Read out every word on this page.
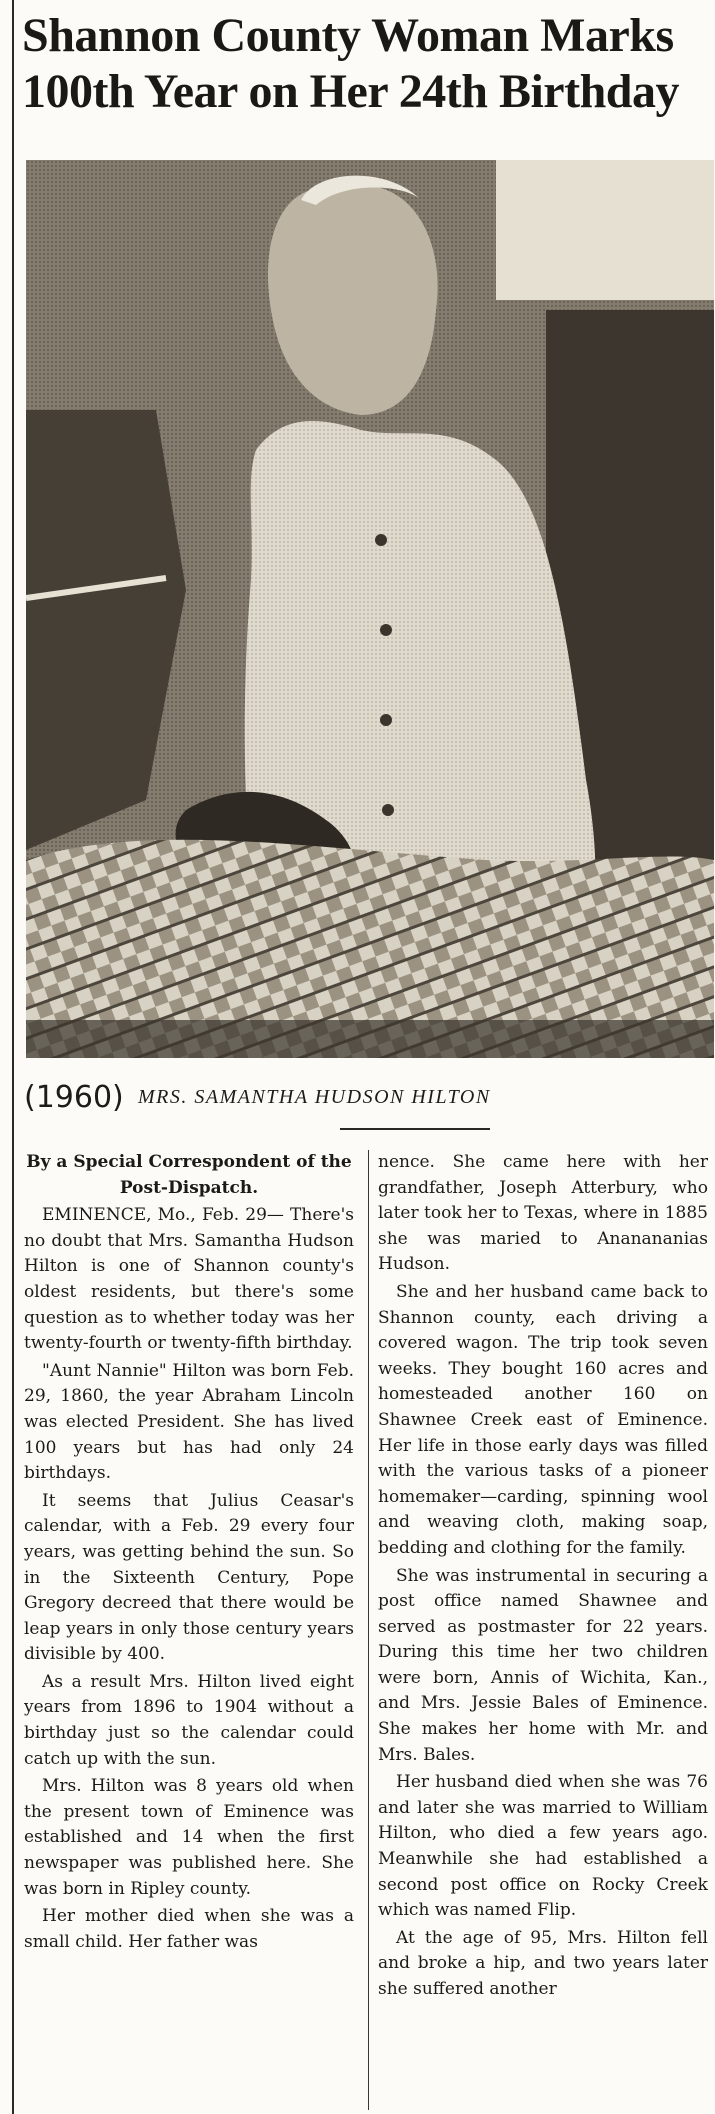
Shannon County Woman Marks
100th Year on Her 24th Birthday
(1960) MRS. SAMANTHA HUDSON HILTON

By a Special Correspondent of the Post-Dispatch.

EMINENCE, Mo., Feb. 29— There's no doubt that Mrs. Samantha Hudson Hilton is one of Shannon county's oldest residents, but there's some question as to whether today was her twenty-fourth or twenty-fifth birthday.

"Aunt Nannie" Hilton was born Feb. 29, 1860, the year Abraham Lincoln was elected President. She has lived 100 years but has had only 24 birthdays.

It seems that Julius Ceasar's calendar, with a Feb. 29 every four years, was getting behind the sun. So in the Sixteenth Century, Pope Gregory decreed that there would be leap years in only those century years divisible by 400.

As a result Mrs. Hilton lived eight years from 1896 to 1904 without a birthday just so the calendar could catch up with the sun.

Mrs. Hilton was 8 years old when the present town of Eminence was established and 14 when the first newspaper was published here. She was born in Ripley county.

Her mother died when she was a small child. Her father was

nence. She came here with her grandfather, Joseph Atterbury, who later took her to Texas, where in 1885 she was maried to Ananananias Hudson.

She and her husband came back to Shannon county, each driving a covered wagon. The trip took seven weeks. They bought 160 acres and homesteaded another 160 on Shawnee Creek east of Eminence. Her life in those early days was filled with the various tasks of a pioneer homemaker—carding, spinning wool and weaving cloth, making soap, bedding and clothing for the family.

She was instrumental in securing a post office named Shawnee and served as postmaster for 22 years. During this time her two children were born, Annis of Wichita, Kan., and Mrs. Jessie Bales of Eminence. She makes her home with Mr. and Mrs. Bales.

Her husband died when she was 76 and later she was married to William Hilton, who died a few years ago. Meanwhile she had established a second post office on Rocky Creek which was named Flip.

At the age of 95, Mrs. Hilton fell and broke a hip, and two years later she suffered another
